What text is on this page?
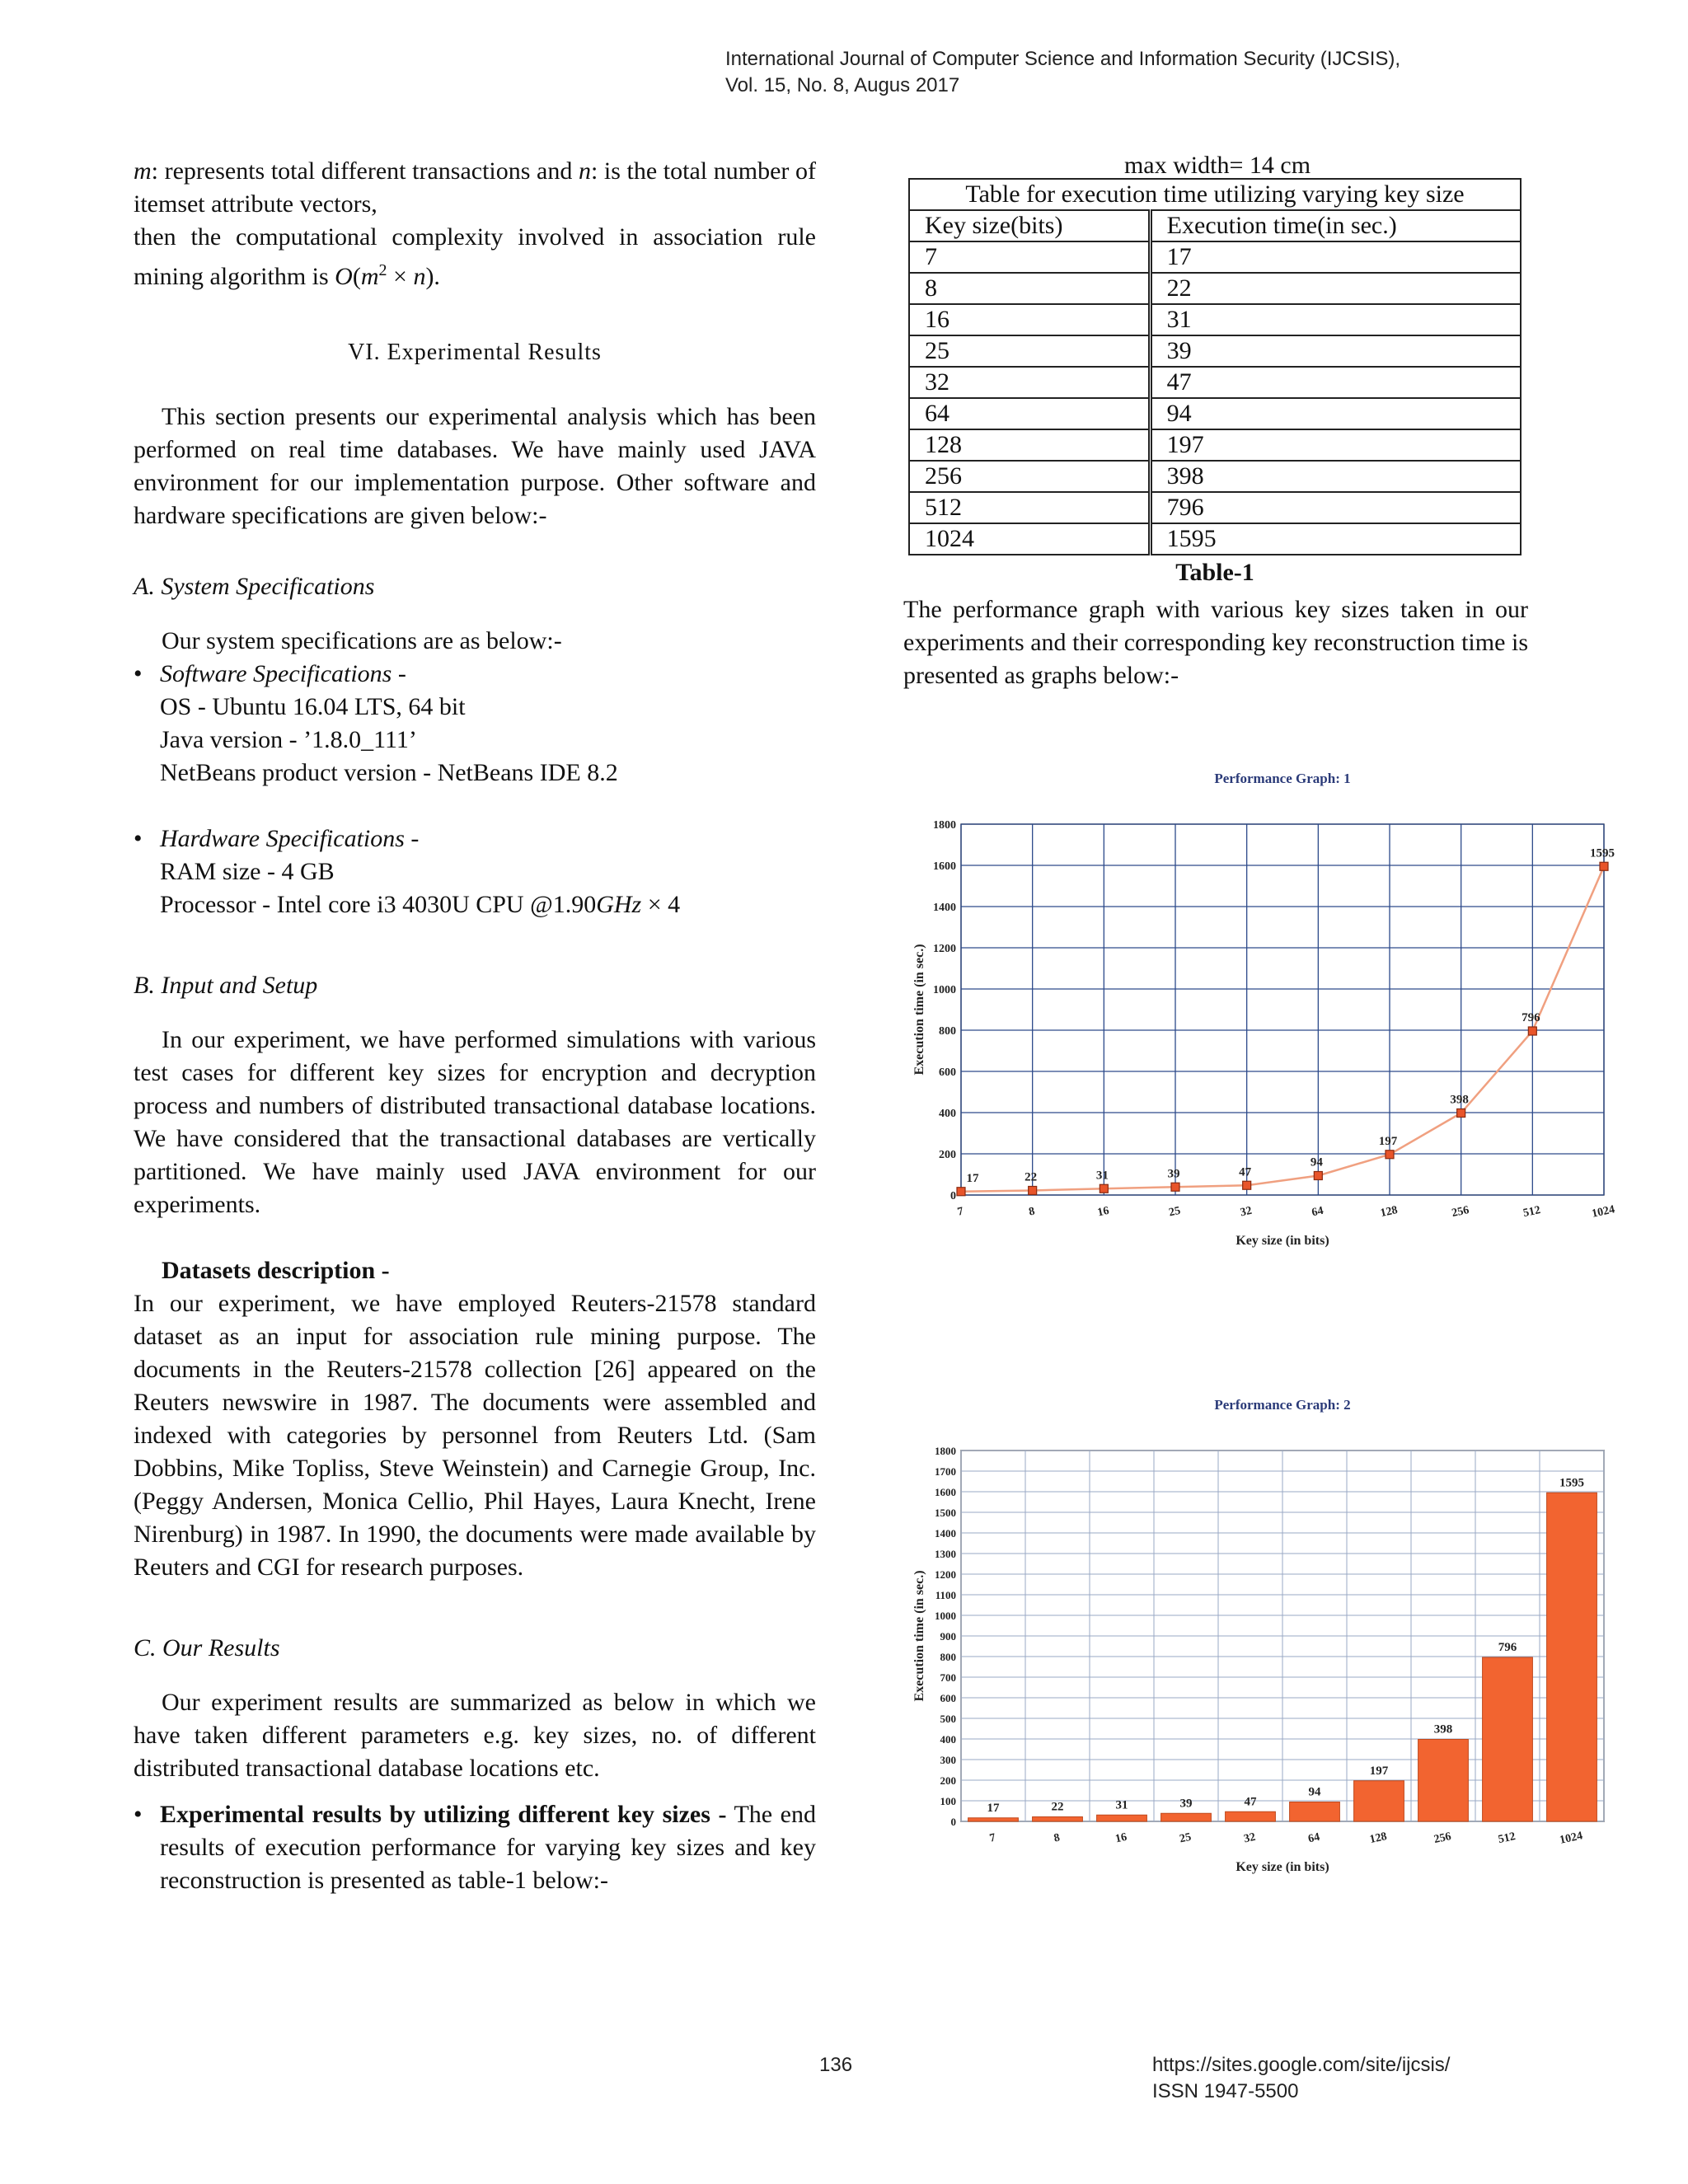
International Journal of Computer Science and Information Security (IJCSIS),
Vol. 15, No. 8, Augus 2017

m: represents total different transactions and n: is the total number of itemset attribute vectors,

then the computational complexity involved in association rule mining algorithm is $O(m^2 \times n)$.

VI. Experimental Results

This section presents our experimental analysis which has been performed on real time databases. We have mainly used JAVA environment for our implementation purpose. Other software and hardware specifications are given below:-

A. System Specifications

Our system specifications are as below:-

• Software Specifications -
OS - Ubuntu 16.04 LTS, 64 bit
Java version - ’1.8.0_111’
NetBeans product version - NetBeans IDE 8.2
• Hardware Specifications -
RAM size - 4 GB
Processor - Intel core i3 4030U CPU @1.90GHz × 4

B. Input and Setup

In our experiment, we have performed simulations with various test cases for different key sizes for encryption and decryption process and numbers of distributed transactional database locations. We have considered that the transactional databases are vertically partitioned. We have mainly used JAVA environment for our experiments.

Datasets description -

In our experiment, we have employed Reuters-21578 standard dataset as an input for association rule mining purpose. The documents in the Reuters-21578 collection [26] appeared on the Reuters newswire in 1987. The documents were assembled and indexed with categories by personnel from Reuters Ltd. (Sam Dobbins, Mike Topliss, Steve Weinstein) and Carnegie Group, Inc. (Peggy Andersen, Monica Cellio, Phil Hayes, Laura Knecht, Irene Nirenburg) in 1987. In 1990, the documents were made available by Reuters and CGI for research purposes.

C. Our Results

Our experiment results are summarized as below in which we have taken different parameters e.g. key sizes, no. of different distributed transactional database locations etc.

• Experimental results by utilizing different key sizes - The end results of execution performance for varying key sizes and key reconstruction is presented as table-1 below:-
max width= 14 cm
Table for execution time utilizing varying key size	
Key size(bits)	Execution time(in sec.)
7	17
8	22
16	31
25	39
32	47
64	94
128	197
256	398
512	796
1024	1595
Table-1

The performance graph with various key sizes taken in our experiments and their corresponding key reconstruction time is presented as graphs below:-

Performance Graph: 1
0
200
400
600
800
1000
1200
1400
1600
1800
7	8	16	25	32	64	128	256	512	1024
Key size (in bits)
Execution time (in sec.)
17	22	31	39	47
94
197
398
796
1595
Performance Graph: 2
0
100
200
300
400
500
600
700
800
900
1000
1100
1200
1300
1400
1500
1600
1700
1800
7	8	16	25	32	64	128	256	512	1024
Key size (in bits)
Execution time (in sec.)
17	22	31	39	47
94
197
398
796
1595
136	https://sites.google.com/site/ijcsis/
ISSN 1947-5500
